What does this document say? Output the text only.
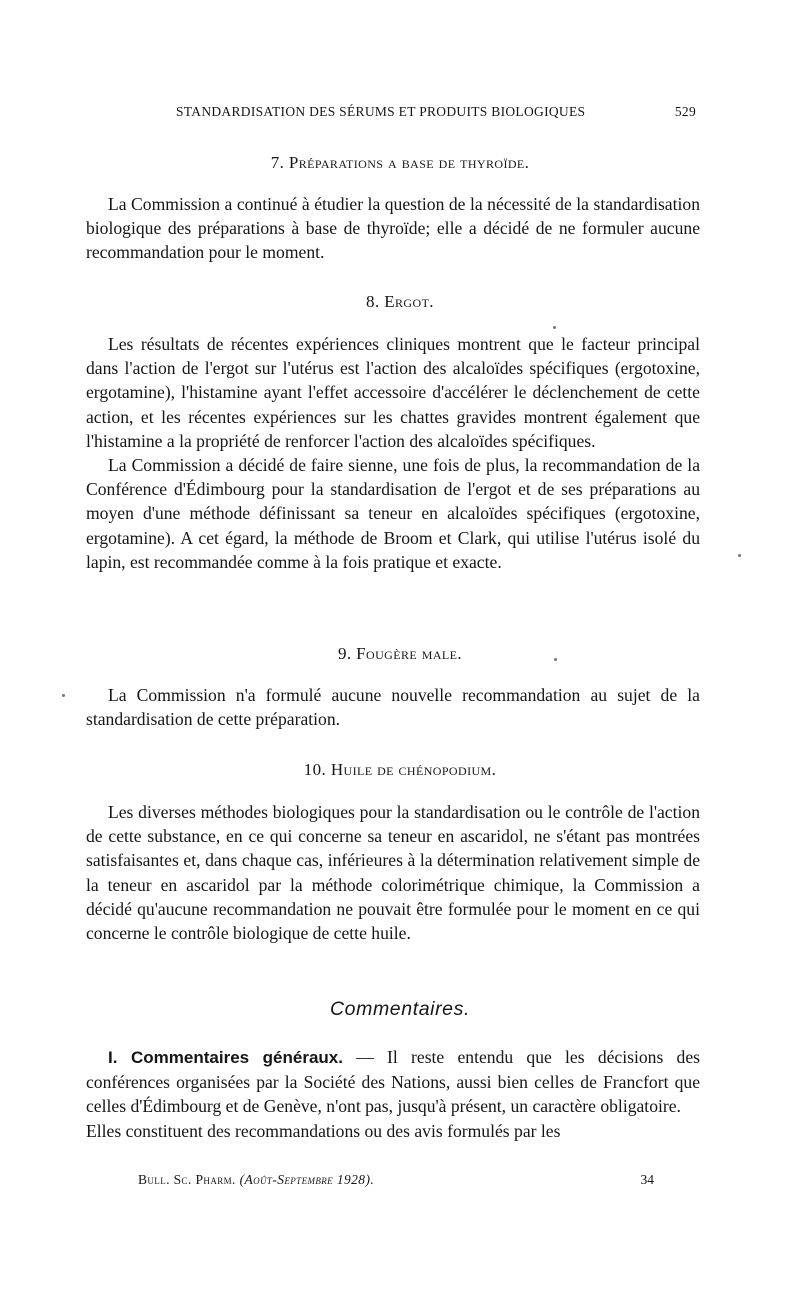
STANDARDISATION DES SÉRUMS ET PRODUITS BIOLOGIQUES	529
7. Préparations a base de thyroïde.

La Commission a continué à étudier la question de la nécessité de la standardisation biologique des préparations à base de thyroïde; elle a décidé de ne formuler aucune recommandation pour le moment.

8. Ergot.

Les résultats de récentes expériences cliniques montrent que le facteur principal dans l'action de l'ergot sur l'utérus est l'action des alcaloïdes spécifiques (ergotoxine, ergotamine), l'histamine ayant l'effet accessoire d'accélérer le déclenchement de cette action, et les récentes expériences sur les chattes gravides montrent également que l'histamine a la propriété de renforcer l'action des alcaloïdes spécifiques.

La Commission a décidé de faire sienne, une fois de plus, la recommandation de la Conférence d'Édimbourg pour la standardisation de l'ergot et de ses préparations au moyen d'une méthode définissant sa teneur en alcaloïdes spécifiques (ergotoxine, ergotamine). A cet égard, la méthode de Broom et Clark, qui utilise l'utérus isolé du lapin, est recommandée comme à la fois pratique et exacte.

9. Fougère male.

La Commission n'a formulé aucune nouvelle recommandation au sujet de la standardisation de cette préparation.

10. Huile de chénopodium.

Les diverses méthodes biologiques pour la standardisation ou le contrôle de l'action de cette substance, en ce qui concerne sa teneur en ascaridol, ne s'étant pas montrées satisfaisantes et, dans chaque cas, inférieures à la détermination relativement simple de la teneur en ascaridol par la méthode colorimétrique chimique, la Commission a décidé qu'aucune recommandation ne pouvait être formulée pour le moment en ce qui concerne le contrôle biologique de cette huile.

Commentaires.

I. Commentaires généraux. — Il reste entendu que les décisions des conférences organisées par la Société des Nations, aussi bien celles de Francfort que celles d'Édimbourg et de Genève, n'ont pas, jusqu'à présent, un caractère obligatoire.

Elles constituent des recommandations ou des avis formulés par les

Bull. Sc. Pharm. (Août-Septembre 1928).	34
